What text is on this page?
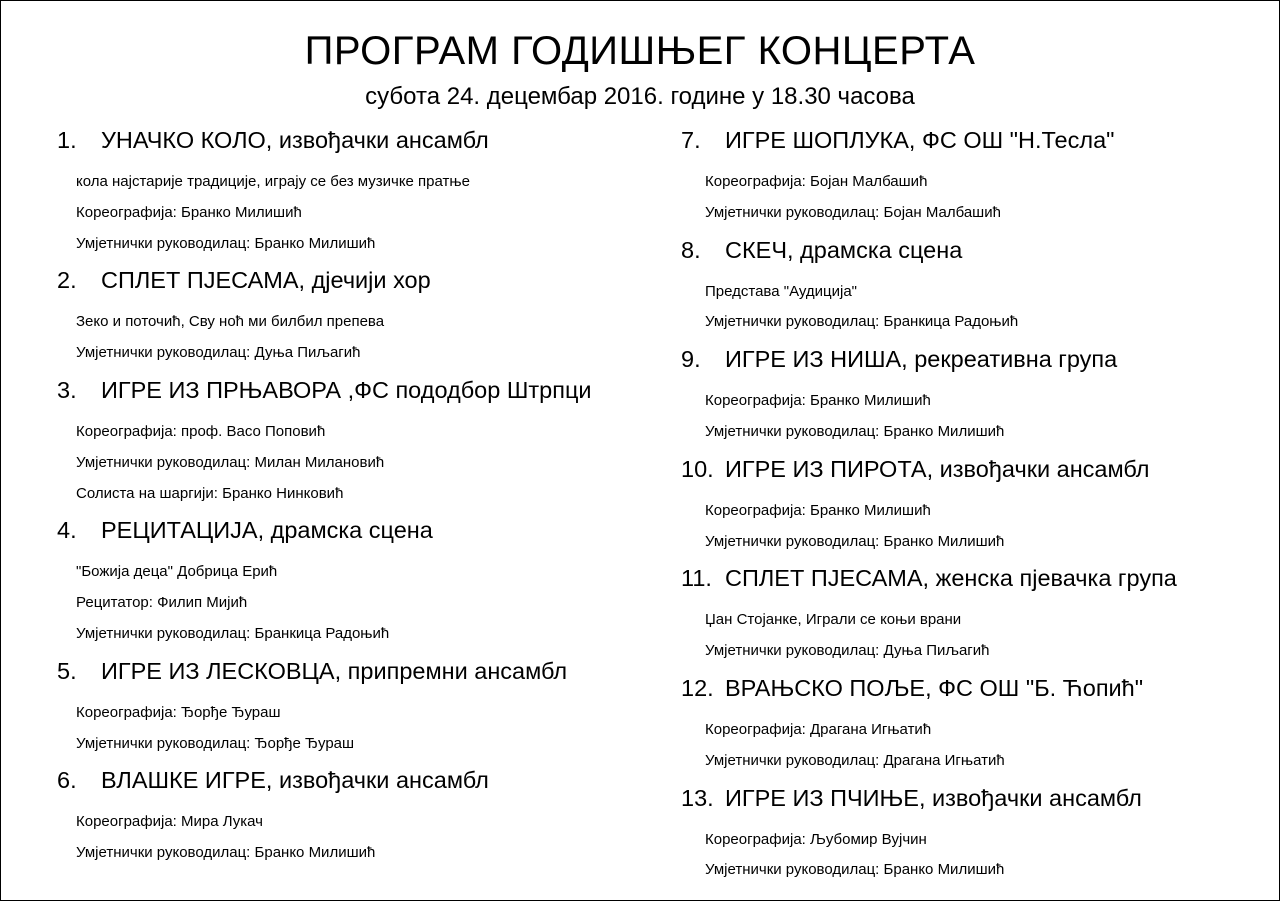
ПРОГРАМ ГОДИШЊЕГ КОНЦЕРТА
субота 24. децембар 2016. године у 18.30 часова
1. УНАЧКО КОЛО, извођачки ансамбл
кола најстарије традиције, играју се без музичке пратње
Кореографија: Бранко Милишић
Умјетнички руководилац: Бранко Милишић
2. СПЛЕТ ПЈЕСАМА, дјечији хор
Зеко и поточић, Сву ноћ ми билбил препева
Умјетнички руководилац: Дуња Пиљагић
3. ИГРЕ ИЗ ПРЊАВОРА ,ФС пододбор Штрпци
Кореографија: проф. Васо Поповић
Умјетнички руководилац: Милан Милановић
Солиста на шаргији: Бранко Нинковић
4. РЕЦИТАЦИЈА, драмска сцена
"Божија деца" Добрица Ерић
Рецитатор: Филип Мијић
Умјетнички руководилац: Бранкица Радоњић
5. ИГРЕ ИЗ ЛЕСКОВЦА, припремни ансамбл
Кореографија: Ђорђе Ђураш
Умјетнички руководилац: Ђорђе Ђураш
6. ВЛАШКЕ ИГРЕ, извођачки ансамбл
Кореографија: Мира Лукач
Умјетнички руководилац: Бранко Милишић
7. ИГРЕ ШОПЛУКА, ФС ОШ "Н.Тесла"
Кореографија: Бојан Малбашић
Умјетнички руководилац: Бојан Малбашић
8. СКЕЧ, драмска сцена
Представа "Аудиција"
Умјетнички руководилац: Бранкица Радоњић
9. ИГРЕ ИЗ НИША, рекреативна група
Кореографија: Бранко Милишић
Умјетнички руководилац: Бранко Милишић
10. ИГРЕ ИЗ ПИРОТА, извођачки ансамбл
Кореографија: Бранко Милишић
Умјетнички руководилац: Бранко Милишић
11. СПЛЕТ ПЈЕСАМА, женска пјевачка група
Џан Стојанке, Играли се коњи врани
Умјетнички руководилац: Дуња Пиљагић
12. ВРАЊСКО ПОЉЕ, ФС ОШ "Б. Ћопић"
Кореографија: Драгана Игњатић
Умјетнички руководилац: Драгана Игњатић
13. ИГРЕ ИЗ ПЧИЊЕ, извођачки ансамбл
Кореографија: Љубомир Вујчин
Умјетнички руководилац: Бранко Милишић
